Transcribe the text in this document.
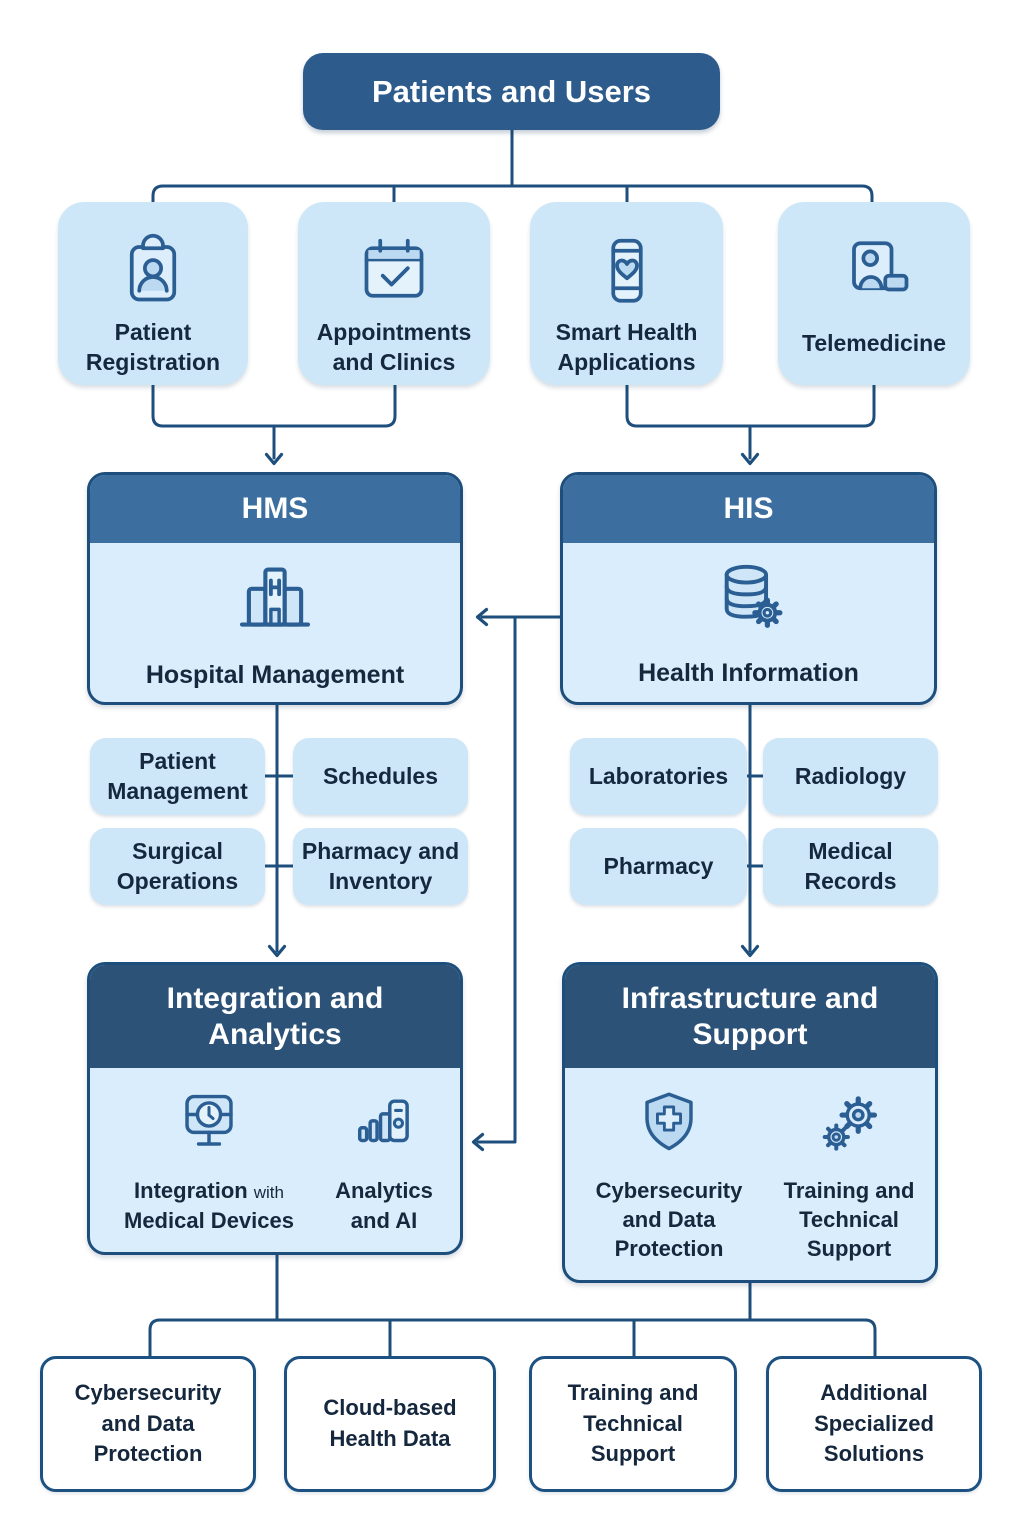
Patients and Users
Patient Registration
Appointments and Clinics
Smart Health Applications
Telemedicine
HMS
Hospital Management
HIS
Health Information
Patient Management
Schedules
Surgical Operations
Pharmacy and Inventory
Laboratories	Radiology
Pharmacy
Medical Records
Integration and Analytics
Integration with
Medical Devices
Analytics and AI
Infrastructure and Support
Cybersecurity and Data Protection
Training and Technical Support
Cybersecurity and Data Protection
Cloud-based Health Data
Training and Technical Support
Additional Specialized Solutions
